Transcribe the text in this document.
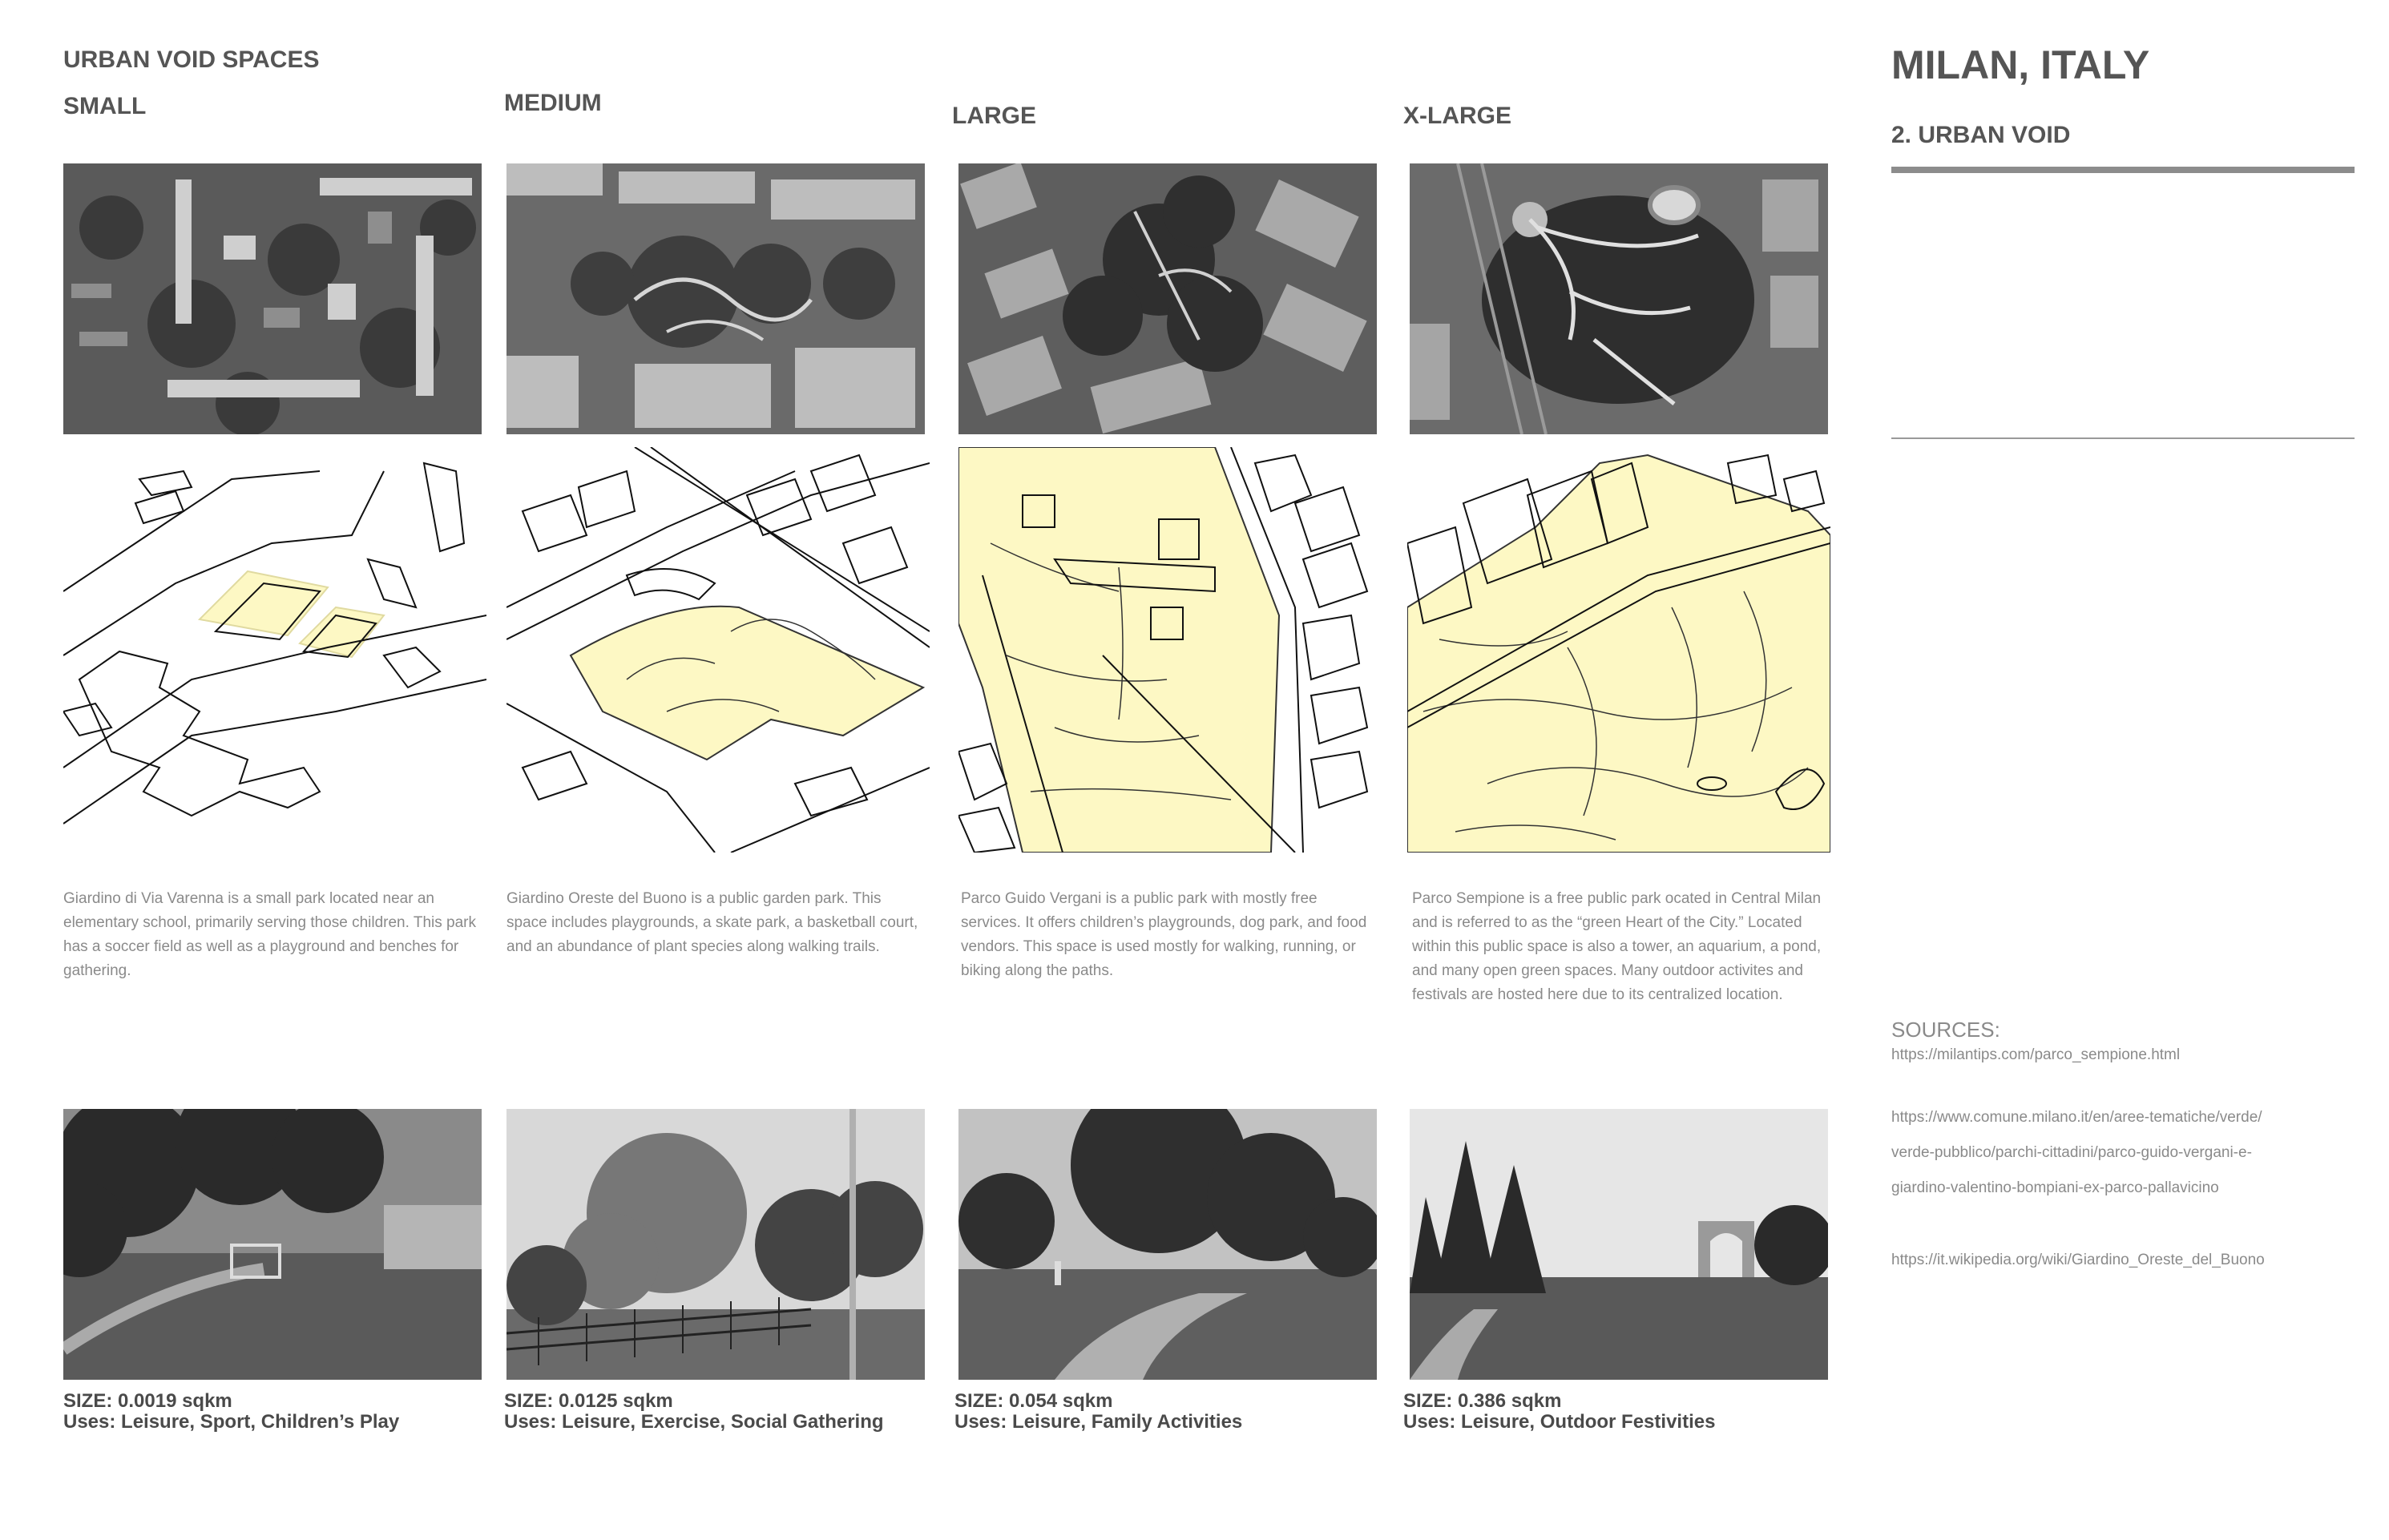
URBAN VOID SPACES
SMALL	MEDIUM	LARGE	X-LARGE
Giardino di Via Varenna is a small park located near an elementary school, primarily serving those children. This park has a soccer field as well as a playground and benches for gathering.
Giardino Oreste del Buono is a public garden park. This space includes playgrounds, a skate park, a basketball court, and an abundance of plant species along walking trails.
Parco Guido Vergani is a public park with mostly free services. It offers children’s playgrounds, dog park, and food vendors. This space is used mostly for walking, running, or biking along the paths.
Parco Sempione is a free public park ocated in Central Milan and is referred to as the “green Heart of the City.” Located within this public space is also a tower, an aquarium, a pond, and many open green spaces. Many outdoor activites and festivals are hosted here due to its centralized location.
SIZE: 0.0019 sqkm
Uses: Leisure, Sport, Children’s Play
SIZE: 0.0125 sqkm
Uses: Leisure, Exercise, Social Gathering
SIZE: 0.054 sqkm
Uses: Leisure, Family Activities
SIZE: 0.386 sqkm
Uses: Leisure, Outdoor Festivities
MILAN, ITALY
2. URBAN VOID
SOURCES:
https://milantips.com/parco_sempione.html
https://www.comune.milano.it/en/aree-tematiche/verde/
verde-pubblico/parchi-cittadini/parco-guido-vergani-e-
giardino-valentino-bompiani-ex-parco-pallavicino
https://it.wikipedia.org/wiki/Giardino_Oreste_del_Buono
